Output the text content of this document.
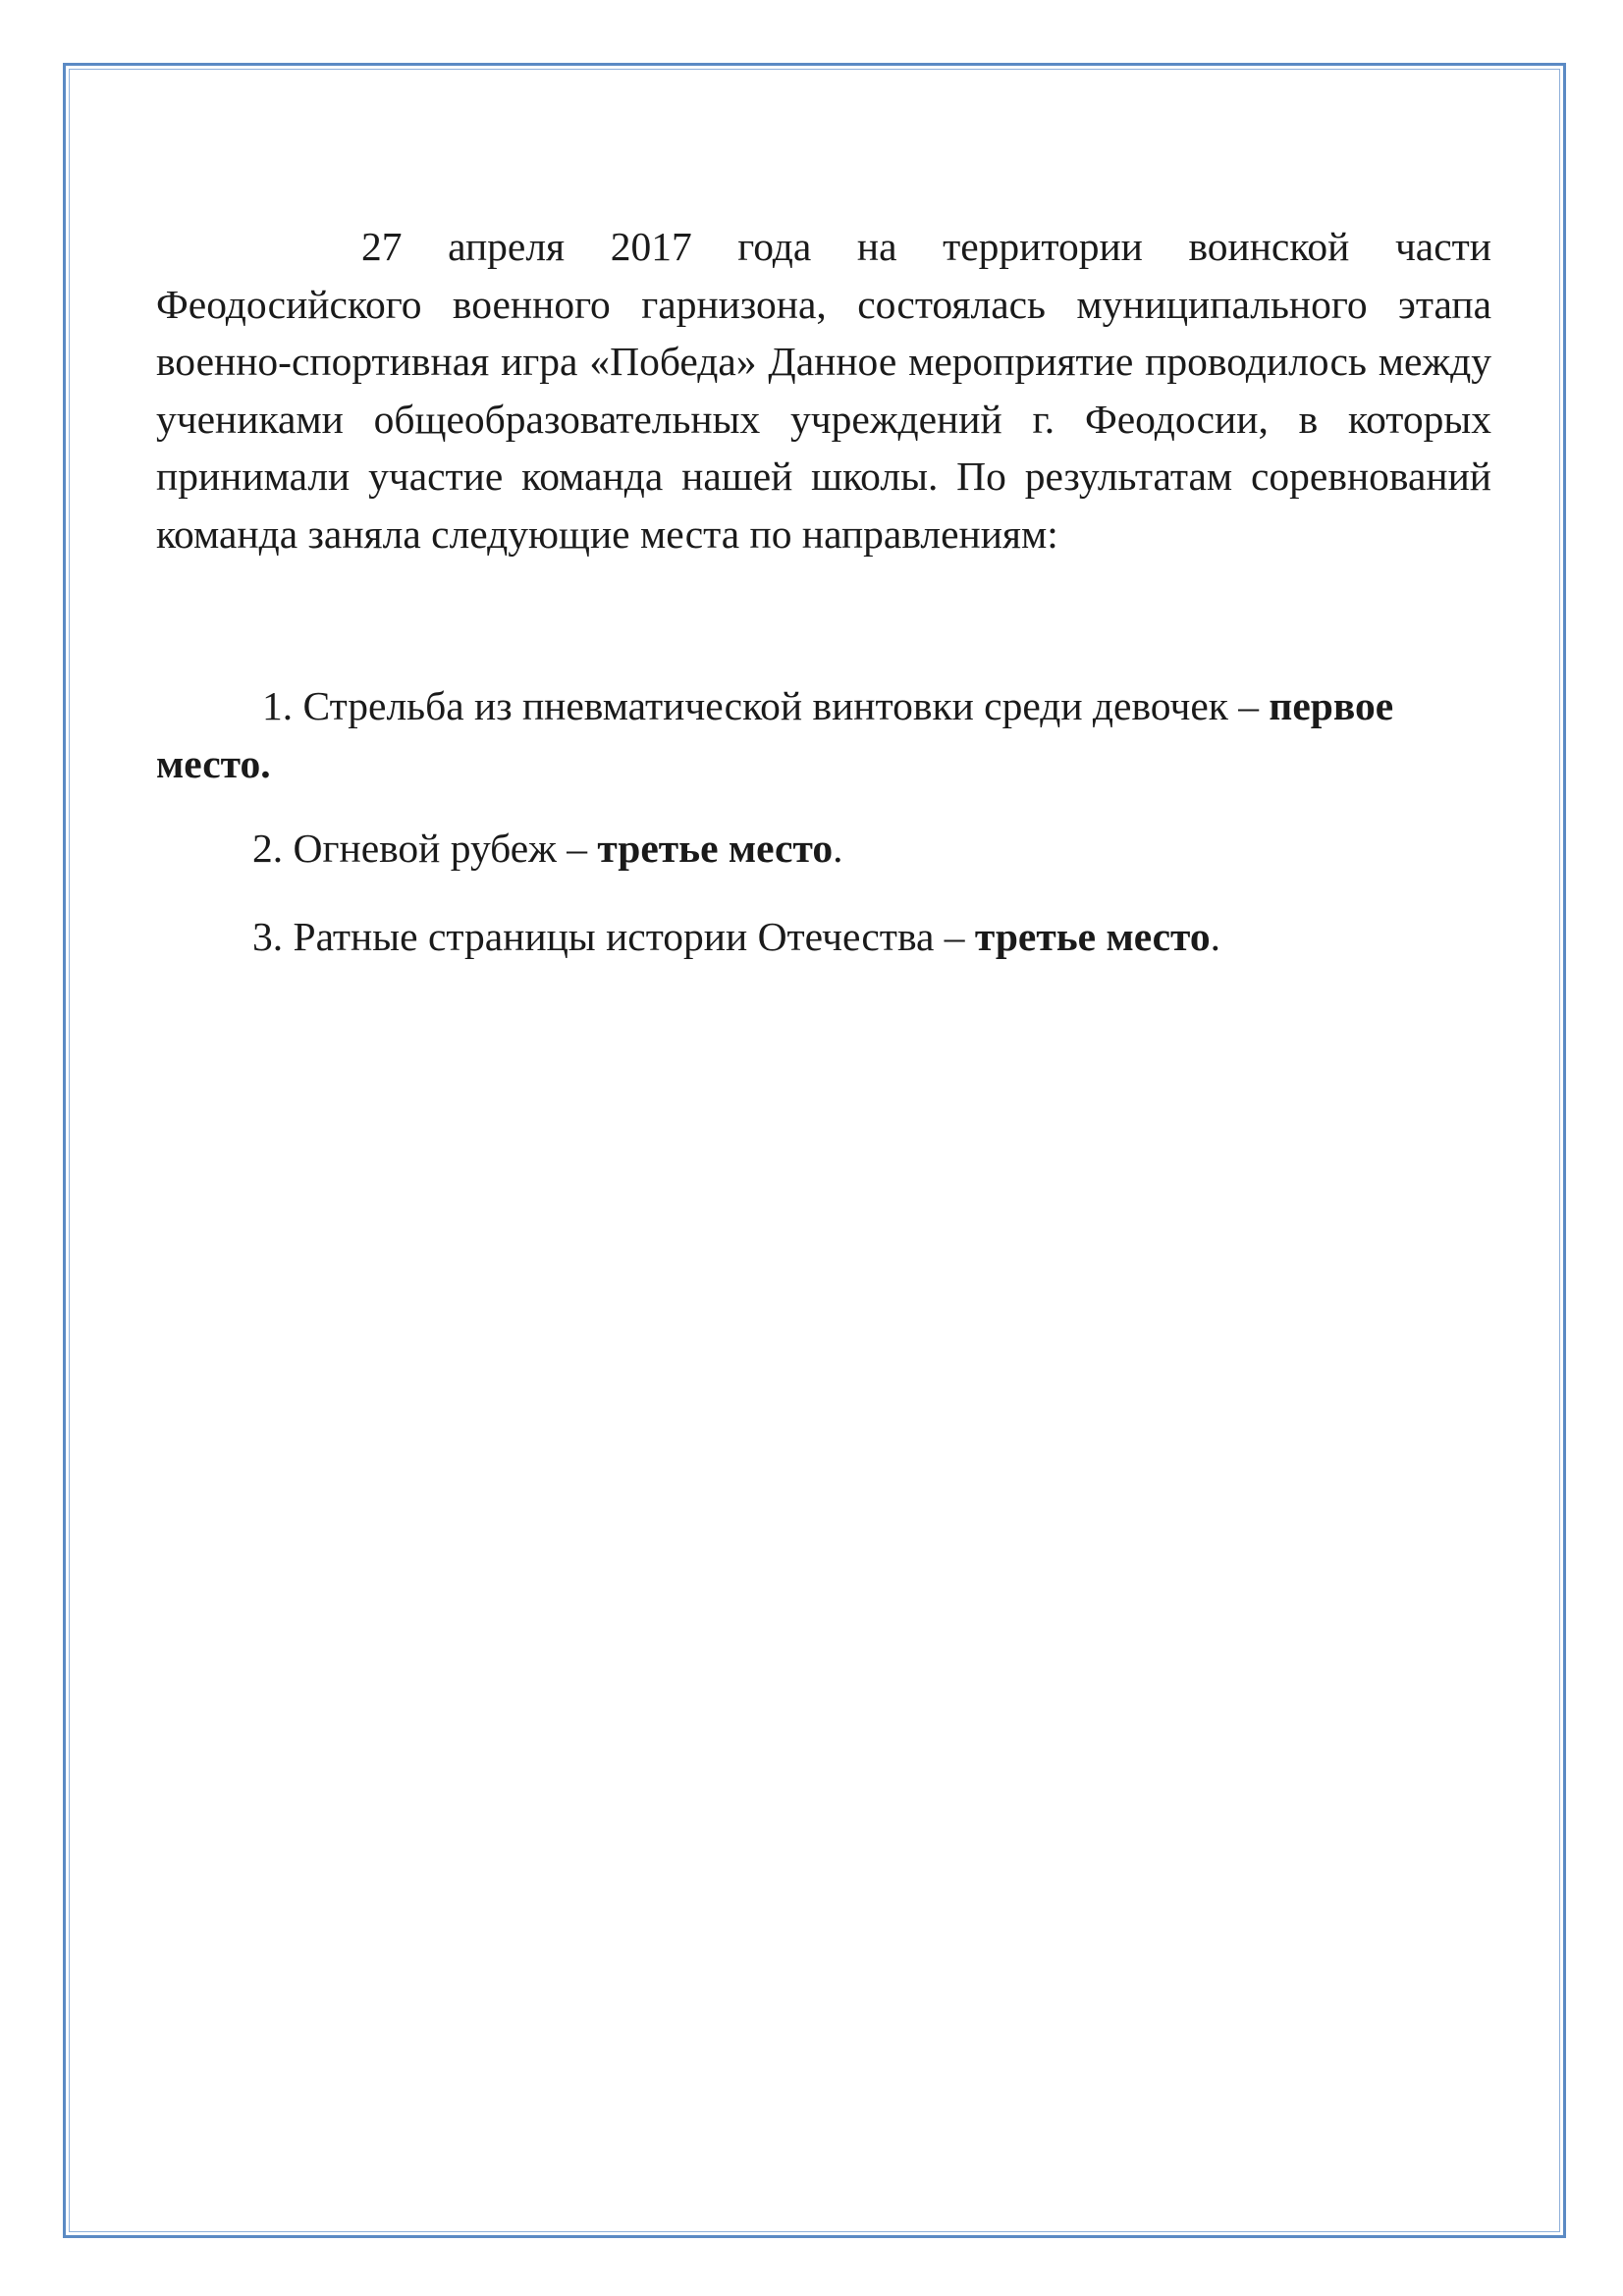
27 апреля 2017 года на территории воинской части Феодосийского военного гарнизона, состоялась муниципального этапа военно-спортивная игра «Победа» Данное мероприятие проводилось между учениками общеобразовательных учреждений г. Феодосии, в которых принимали участие команда нашей школы. По результатам соревнований команда заняла следующие места по направлениям:

1. Стрельба из пневматической винтовки среди девочек – первое место.

2. Огневой рубеж – третье место.

3. Ратные страницы истории Отечества – третье место.
